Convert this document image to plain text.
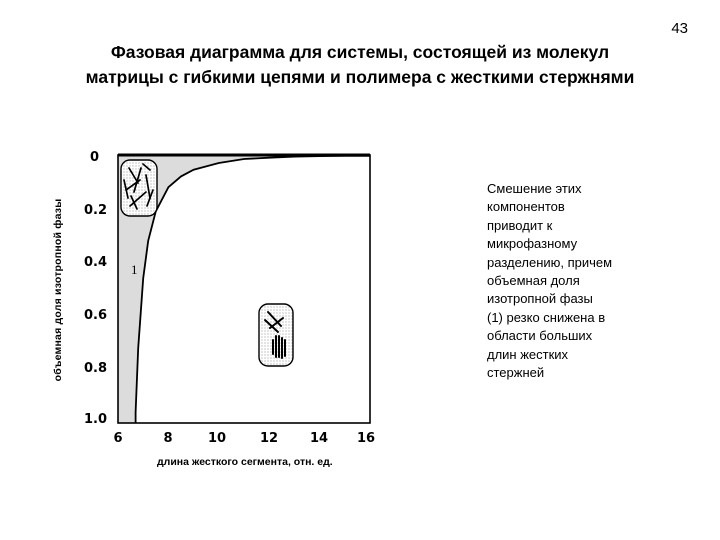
43
Фазовая диаграмма для системы, состоящей из молекул
матрицы с гибкими цепями и полимера с жесткими стержнями
объемная доля изотропной фазы
0
0.2
0.4
0.6
0.8
1.0
6	8	10	12 14 16
длина жесткого сегмента, отн. ед.
1
Смешение этих
компонентов
приводит к
микрофазному
разделению, причем
объемная доля
изотропной фазы
(1) резко снижена в
области больших
длин жестких
стержней
